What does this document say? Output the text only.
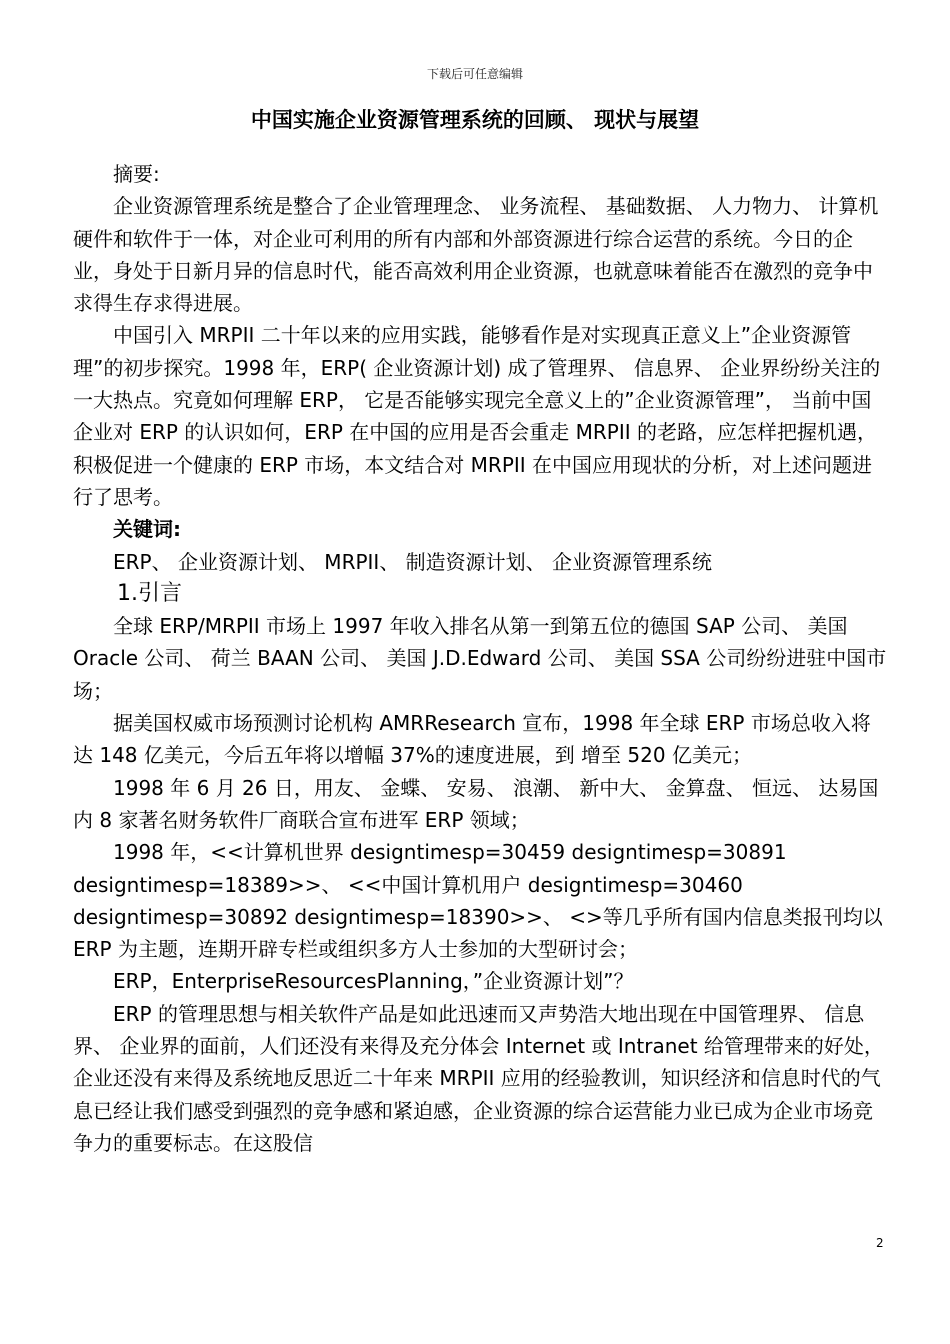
下载后可任意编辑
中国实施企业资源管理系统的回顾、 现状与展望

摘要:

企业资源管理系统是整合了企业管理理念、 业务流程、 基础数据、 人力物力、 计算机硬件和软件于一体，对企业可利用的所有内部和外部资源进行综合运营的系统。今日的企业，身处于日新月异的信息时代，能否高效利用企业资源，也就意味着能否在激烈的竞争中求得生存求得进展。

中国引入 MRPII 二十年以来的应用实践，能够看作是对实现真正意义上”企业资源管理”的初步探究。1998 年，ERP( 企业资源计划) 成了管理界、 信息界、 企业界纷纷关注的一大热点。究竟如何理解 ERP， 它是否能够实现完全意义上的”企业资源管理”， 当前中国企业对 ERP 的认识如何，ERP 在中国的应用是否会重走 MRPII 的老路，应怎样把握机遇，积极促进一个健康的 ERP 市场，本文结合对 MRPII 在中国应用现状的分析，对上述问题进行了思考。

关键词:

ERP、 企业资源计划、 MRPII、 制造资源计划、 企业资源管理系统

1.引言

全球 ERP/MRPII 市场上 1997 年收入排名从第一到第五位的德国 SAP 公司、 美国 Oracle 公司、 荷兰 BAAN 公司、 美国 J.D.Edward 公司、 美国 SSA 公司纷纷进驻中国市场；

据美国权威市场预测讨论机构 AMRResearch 宣布，1998 年全球 ERP 市场总收入将达 148 亿美元，今后五年将以增幅 37%的速度进展，到 增至 520 亿美元；

1998 年 6 月 26 日，用友、 金蝶、 安易、 浪潮、 新中大、 金算盘、 恒远、 达易国内 8 家著名财务软件厂商联合宣布进军 ERP 领域；

1998 年，<<计算机世界 designtimesp=30459 designtimesp=30891 designtimesp=18389>>、 <<中国计算机用户 designtimesp=30460 designtimesp=30892 designtimesp=18390>>、 <>等几乎所有国内信息类报刊均以 ERP 为主题，连期开辟专栏或组织多方人士参加的大型研讨会；

ERP，EnterpriseResourcesPlanning，”企业资源计划”？

ERP 的管理思想与相关软件产品是如此迅速而又声势浩大地出现在中国管理界、 信息界、 企业界的面前，人们还没有来得及充分体会 Internet 或 Intranet 给管理带来的好处，企业还没有来得及系统地反思近二十年来 MRPII 应用的经验教训，知识经济和信息时代的气息已经让我们感受到强烈的竞争感和紧迫感，企业资源的综合运营能力业已成为企业市场竞争力的重要标志。在这股信

2
